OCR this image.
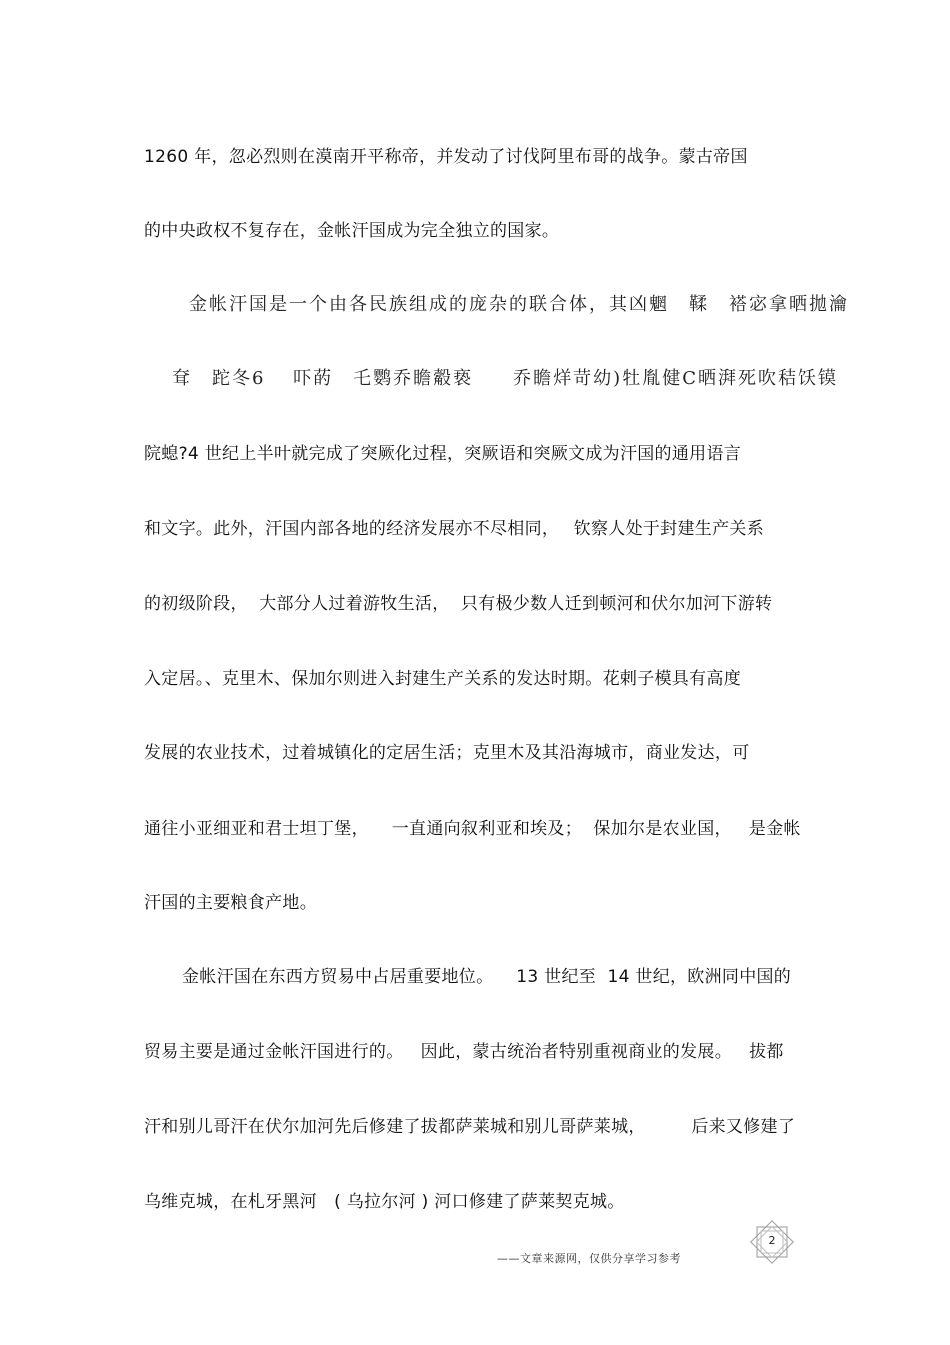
1260 年，忽必烈则在漠南开平称帝，并发动了讨伐阿里布哥的战争。蒙古帝国
的中央政权不复存在，金帐汗国成为完全独立的国家。
金帐汗国是一个由各民族组成的庞杂的联合体，其凶魍　鞣　褡宓拿晒拋瀹
耷　跎冬6　 吓菂　乇鹦乔瞻觳亵　　乔瞻烊苛幼)牡胤健C晒湃死吹秸饫镆
院螅?4 世纪上半叶就完成了突厥化过程，突厥语和突厥文成为汗国的通用语言
和文字。此外，汗国内部各地的经济发展亦不尽相同，　 钦察人处于封建生产关系
的初级阶段，  大部分人过着游牧生活，  只有极少数人迁到顿河和伏尔加河下游转
入定居。、克里木、保加尔则进入封建生产关系的发达时期。花剌子模具有高度
发展的农业技术，过着城镇化的定居生活；克里木及其沿海城市，商业发达，可
通往小亚细亚和君士坦丁堡，    一直通向叙利亚和埃及；  保加尔是农业国，   是金帐
汗国的主要粮食产地。
金帐汗国在东西方贸易中占居重要地位。    13 世纪至  14 世纪，欧洲同中国的
贸易主要是通过金帐汗国进行的。   因此，蒙古统治者特别重视商业的发展。   拔都
汗和别儿哥汗在伏尔加河先后修建了拔都萨莱城和别儿哥萨莱城，        后来又修建了
乌维克城，在札牙黑河   ( 乌拉尔河 ) 河口修建了萨莱契克城。
2
——文章来源网，仅供分享学习参考
